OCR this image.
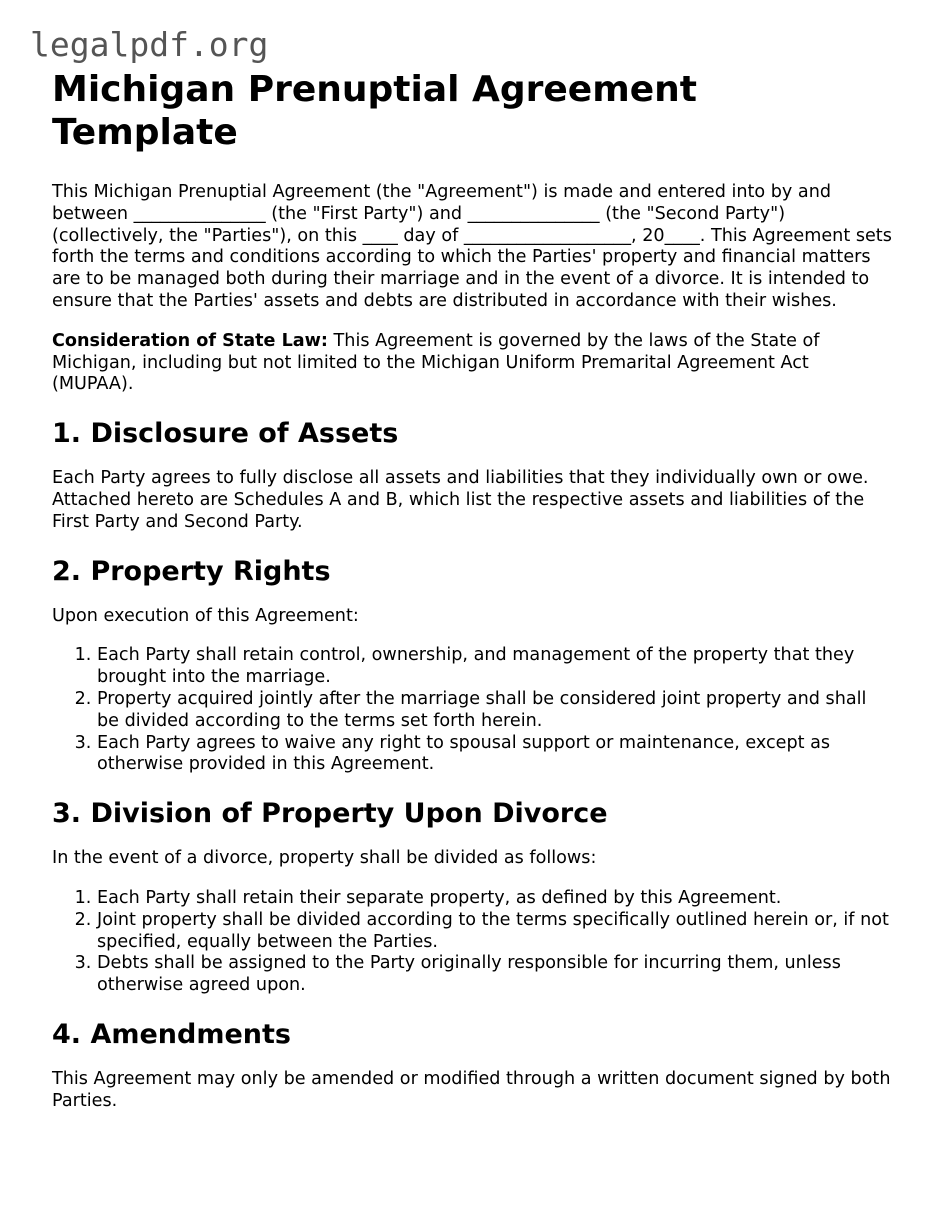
legalpdf.org
Michigan Prenuptial Agreement Template

This Michigan Prenuptial Agreement (the "Agreement") is made and entered into by and between _______________ (the "First Party") and _______________ (the "Second Party") (collectively, the "Parties"), on this ____ day of ___________________, 20____. This Agreement sets forth the terms and conditions according to which the Parties' property and financial matters are to be managed both during their marriage and in the event of a divorce. It is intended to ensure that the Parties' assets and debts are distributed in accordance with their wishes.

Consideration of State Law: This Agreement is governed by the laws of the State of Michigan, including but not limited to the Michigan Uniform Premarital Agreement Act (MUPAA).

1. Disclosure of Assets

Each Party agrees to fully disclose all assets and liabilities that they individually own or owe. Attached hereto are Schedules A and B, which list the respective assets and liabilities of the First Party and Second Party.

2. Property Rights

Upon execution of this Agreement:

1. Each Party shall retain control, ownership, and management of the property that they brought into the marriage.
2. Property acquired jointly after the marriage shall be considered joint property and shall be divided according to the terms set forth herein.
3. Each Party agrees to waive any right to spousal support or maintenance, except as otherwise provided in this Agreement.
3. Division of Property Upon Divorce

In the event of a divorce, property shall be divided as follows:

1. Each Party shall retain their separate property, as defined by this Agreement.
2. Joint property shall be divided according to the terms specifically outlined herein or, if not specified, equally between the Parties.
3. Debts shall be assigned to the Party originally responsible for incurring them, unless otherwise agreed upon.
4. Amendments

This Agreement may only be amended or modified through a written document signed by both Parties.
